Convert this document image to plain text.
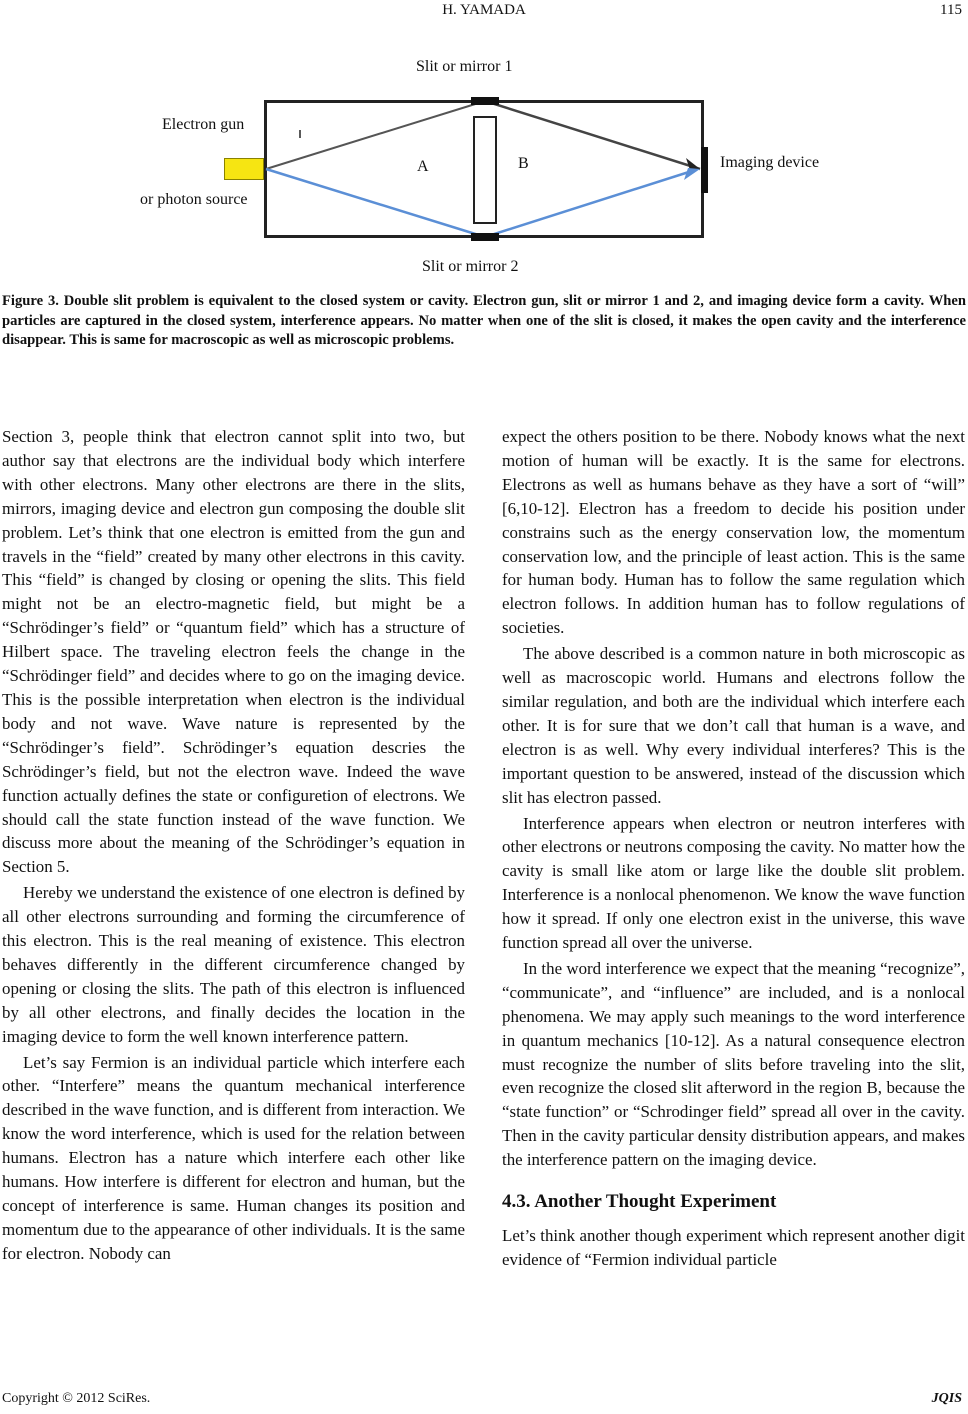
H. YAMADA	115
Slit or mirror 1
Electron gun
or photon source
A	B	Imaging device
Slit or mirror 2
Figure 3. Double slit problem is equivalent to the closed system or cavity. Electron gun, slit or mirror 1 and 2, and imaging device form a cavity. When particles are captured in the closed system, interference appears. No matter when one of the slit is closed, it makes the open cavity and the interference disappear. This is same for macroscopic as well as microscopic problems.

Section 3, people think that electron cannot split into two, but author say that electrons are the individual body which interfere with other electrons. Many other electrons are there in the slits, mirrors, imaging device and electron gun composing the double slit problem. Let’s think that one electron is emitted from the gun and travels in the “field” created by many other electrons in this cavity. This “field” is changed by closing or opening the slits. This field might not be an electro-magnetic field, but might be a “Schrödinger’s field” or “quantum field” which has a structure of Hilbert space. The traveling electron feels the change in the “Schrödinger field” and decides where to go on the imaging device. This is the possible interpretation when electron is the individual body and not wave. Wave nature is represented by the “Schrödinger’s field”. Schrödinger’s equation descries the Schrödinger’s field, but not the electron wave. Indeed the wave function actually defines the state or configuretion of electrons. We should call the state function instead of the wave function. We discuss more about the meaning of the Schrödinger’s equation in Section 5.

Hereby we understand the existence of one electron is defined by all other electrons surrounding and forming the circumference of this electron. This is the real meaning of existence. This electron behaves differently in the different circumference changed by opening or closing the slits. The path of this electron is influenced by all other electrons, and finally decides the location in the imaging device to form the well known interference pattern.

Let’s say Fermion is an individual particle which interfere each other. “Interfere” means the quantum mechanical interference described in the wave function, and is different from interaction. We know the word interference, which is used for the relation between humans. Electron has a nature which interfere each other like humans. How interfere is different for electron and human, but the concept of interference is same. Human changes its position and momentum due to the appearance of other individuals. It is the same for electron. Nobody can

expect the others position to be there. Nobody knows what the next motion of human will be exactly. It is the same for electrons. Electrons as well as humans behave as they have a sort of “will” [6,10-12]. Electron has a freedom to decide his position under constrains such as the energy conservation low, the momentum conservation low, and the principle of least action. This is the same for human body. Human has to follow the same regulation which electron follows. In addition human has to follow regulations of societies.

The above described is a common nature in both microscopic as well as macroscopic world. Humans and electrons follow the similar regulation, and both are the individual which interfere each other. It is for sure that we don’t call that human is a wave, and electron is as well. Why every individual interferes? This is the important question to be answered, instead of the discussion which slit has electron passed.

Interference appears when electron or neutron interferes with other electrons or neutrons composing the cavity. No matter how the cavity is small like atom or large like the double slit problem. Interference is a nonlocal phenomenon. We know the wave function how it spread. If only one electron exist in the universe, this wave function spread all over the universe.

In the word interference we expect that the meaning “recognize”, “communicate”, and “influence” are included, and is a nonlocal phenomena. We may apply such meanings to the word interference in quantum mechanics [10-12]. As a natural consequence electron must recognize the number of slits before traveling into the slit, even recognize the closed slit afterword in the region B, because the “state function” or “Schrodinger field” spread all over in the cavity. Then in the cavity particular density distribution appears, and makes the interference pattern on the imaging device.

4.3. Another Thought Experiment

Let’s think another though experiment which represent another digit evidence of “Fermion individual particle

Copyright © 2012 SciRes.	JQIS
